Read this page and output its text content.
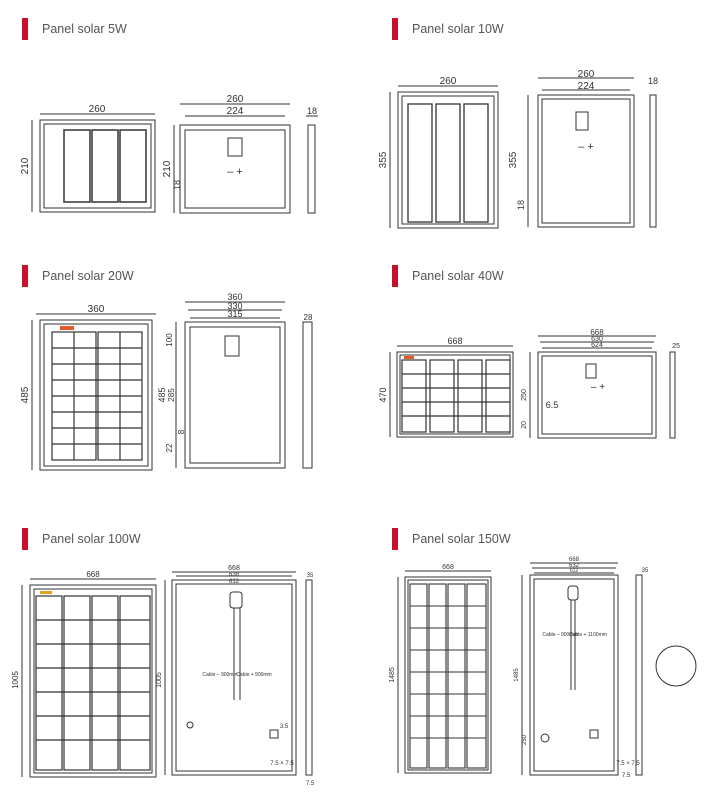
Panel solar 5W	Panel solar 10W
Panel solar 20W	Panel solar 40W
Panel solar 100W	Panel solar 150W
260
210
260
224
210
18
– +
18
260
355
260
224
355
18
– +
18
360
485
360
330
315
100
485 285
8
22
28
668
470
668
630
624
250
6.5
20
– +
25
668
1005
668
638
612
1005	Cable – 900mm
Cable + 900mm
3.5
7.5 × 7.5
35
7.5
668
1485
668
632
612
1485
Cable – 900mm
Cable + 1100mm
250
7.5 × 7.5
35
7.5
